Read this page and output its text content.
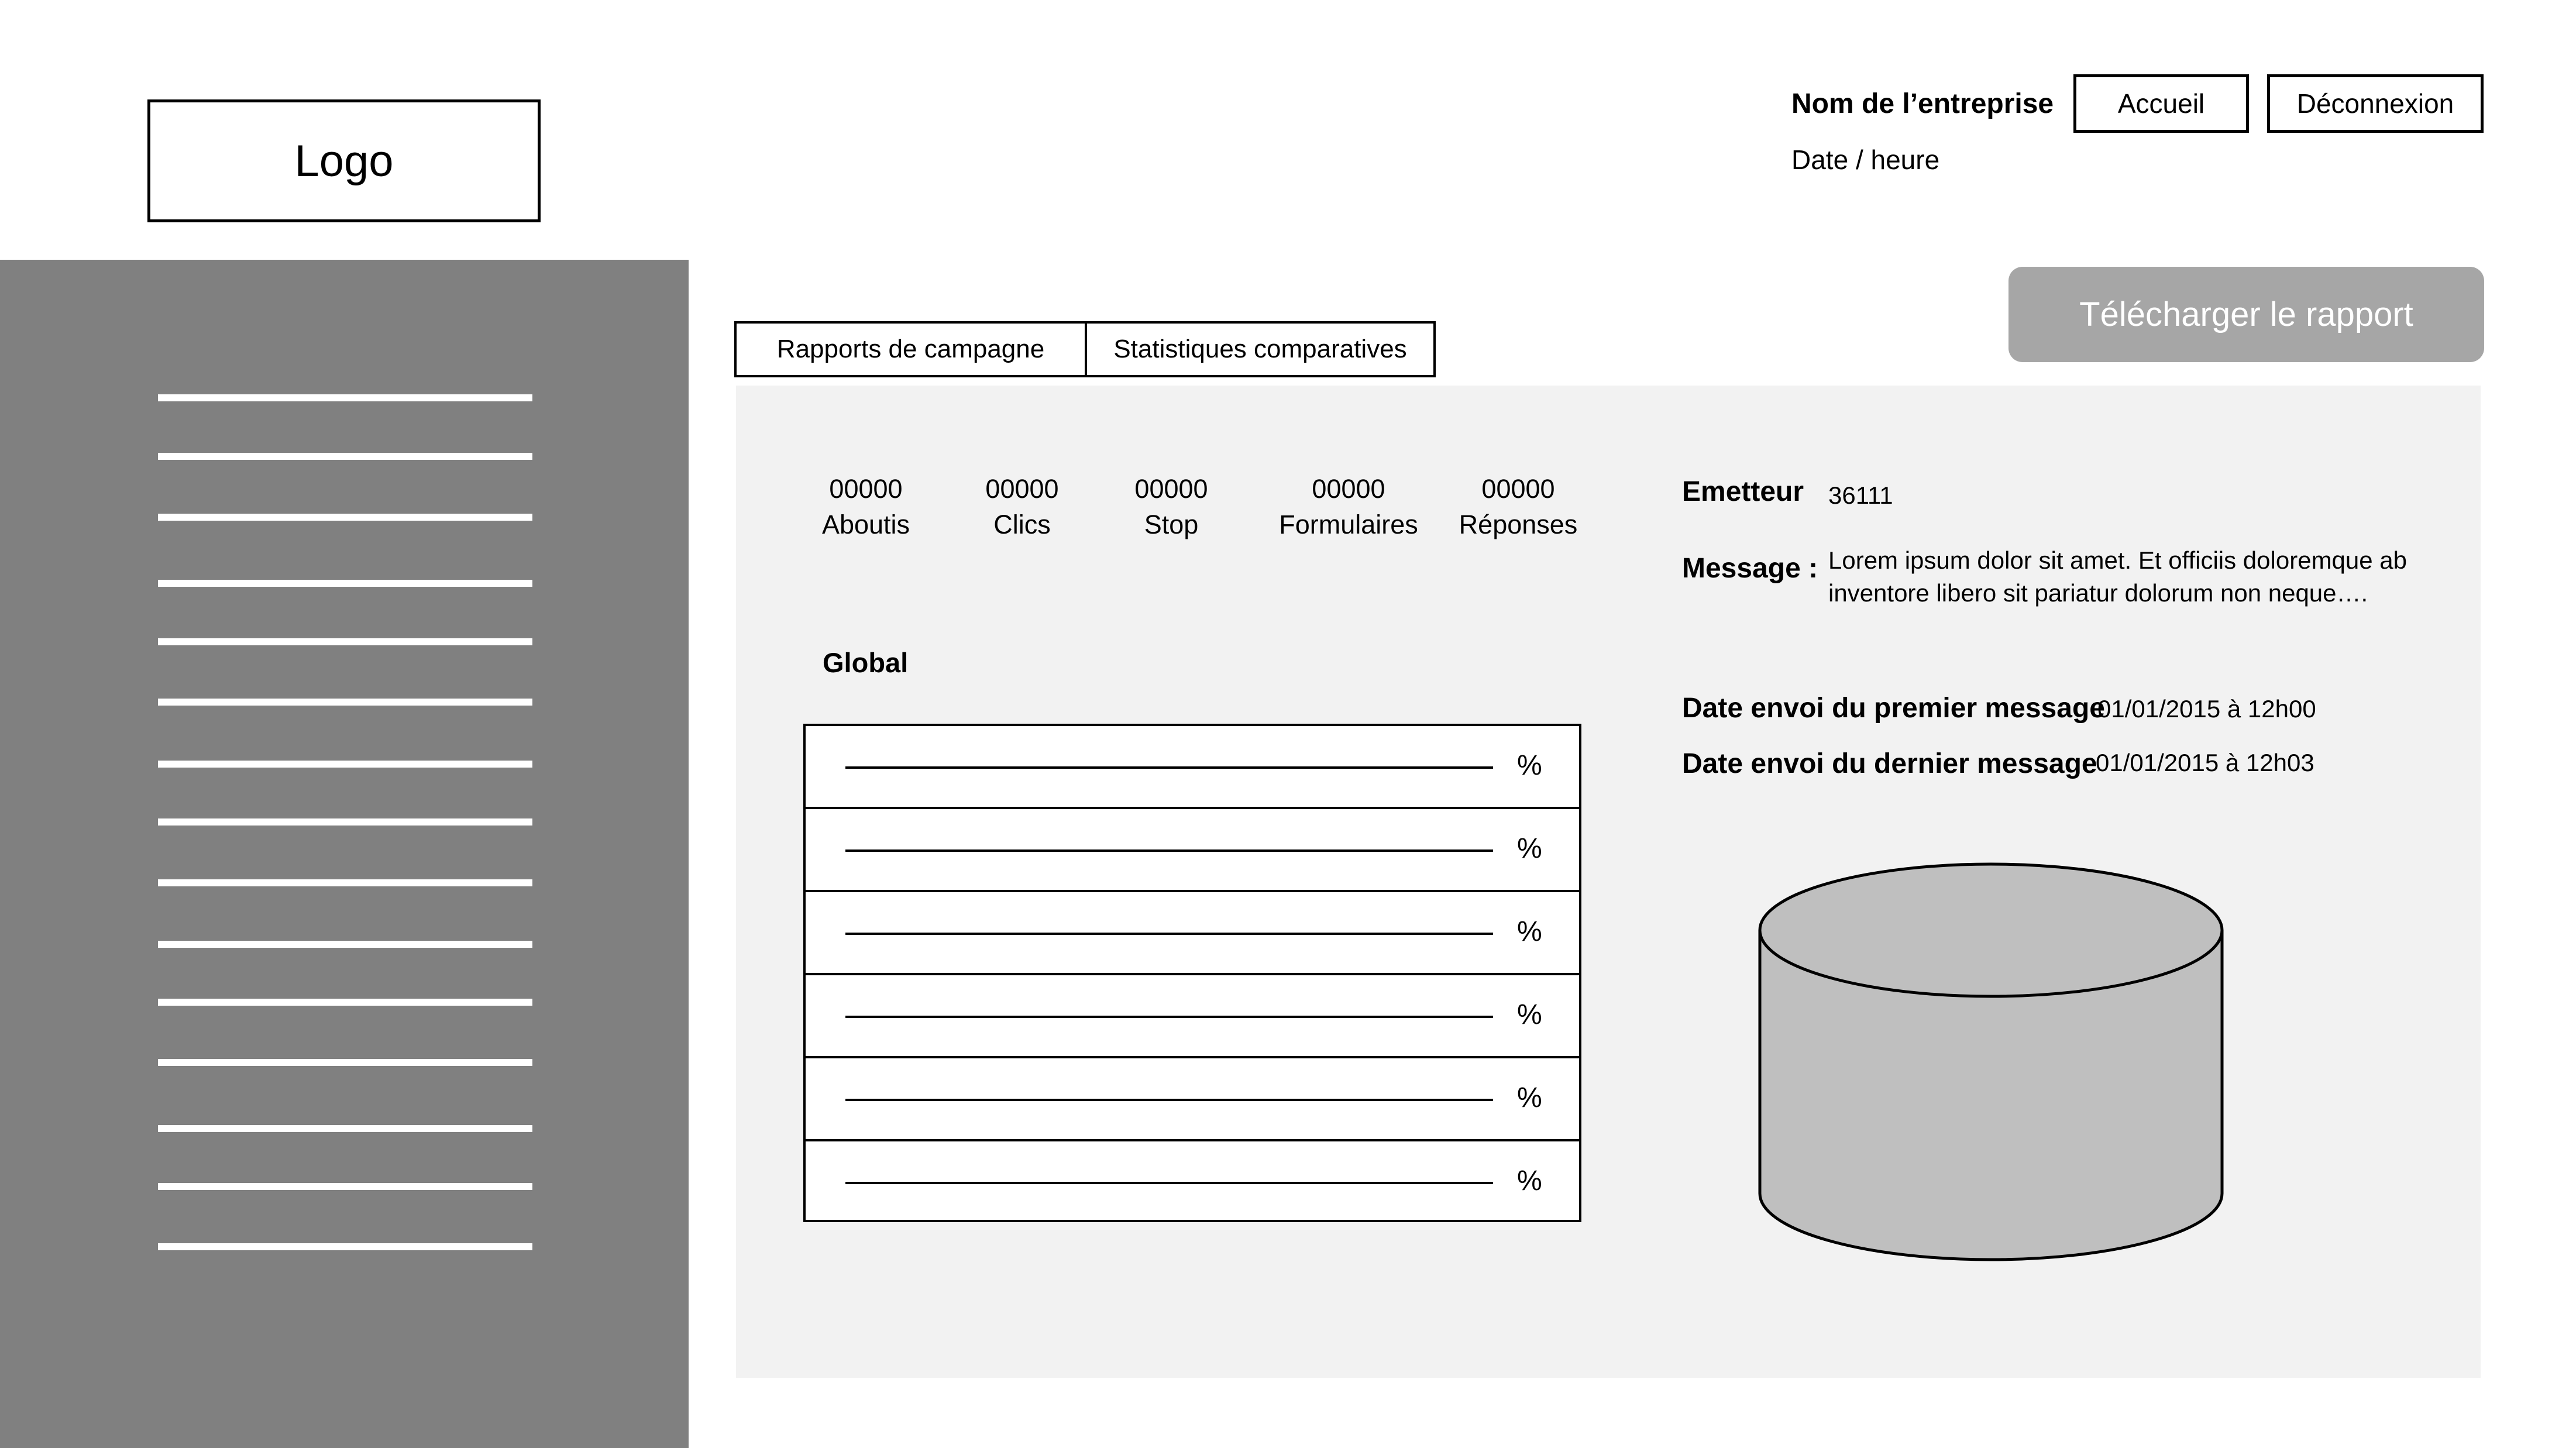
Logo
Nom de l’entreprise
Date / heure
Accueil	Déconnexion
Télécharger le rapport
Rapports de campagne	Statistiques comparatives
00000
Aboutis
00000
Clics
00000
Stop
00000
Formulaires
00000
Réponses
Global
%
%
%
%
%
%
Emetteur 36111
Message : Lorem ipsum dolor sit amet. Et officiis doloremque ab inventore libero sit pariatur dolorum non neque….
Date envoi du premier message
01/01/2015 à 12h00
Date envoi du dernier message
01/01/2015 à 12h03
